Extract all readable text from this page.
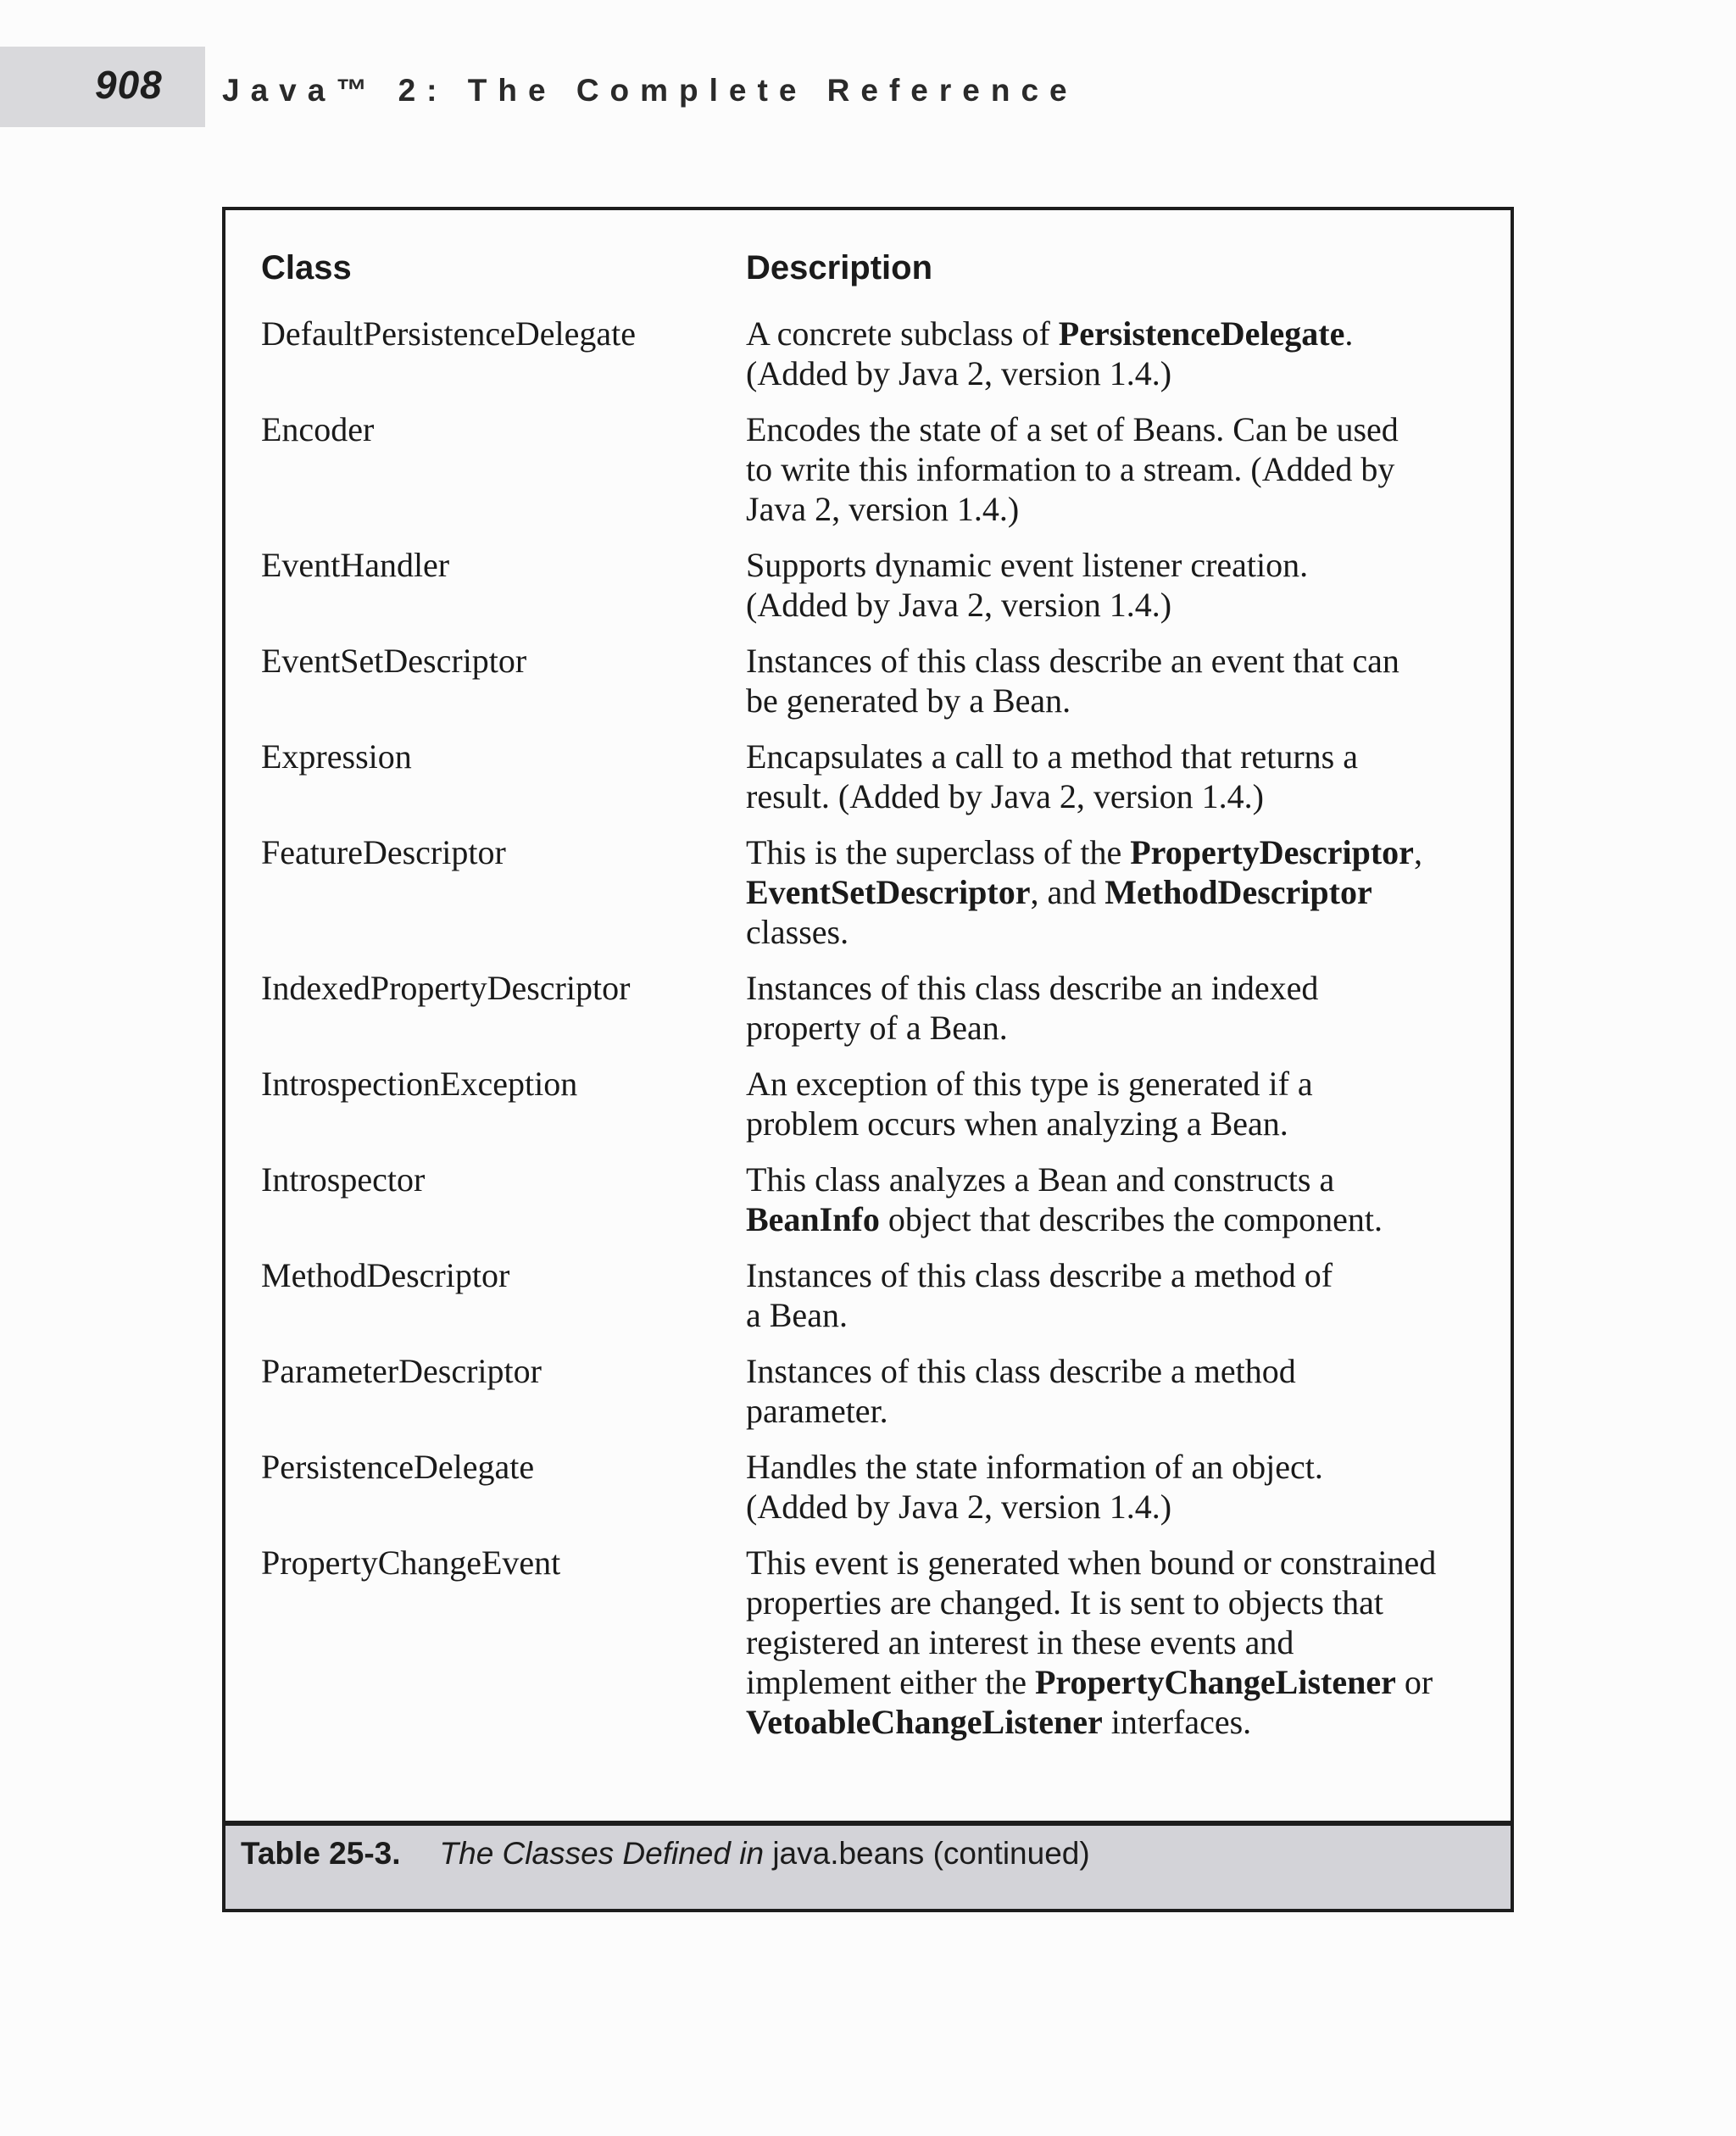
908 Java™ 2: The Complete Reference
Class	Description
DefaultPersistenceDelegate	A concrete subclass of PersistenceDelegate.
(Added by Java 2, version 1.4.)
Encoder	Encodes the state of a set of Beans. Can be used
to write this information to a stream. (Added by
Java 2, version 1.4.)
EventHandler	Supports dynamic event listener creation.
(Added by Java 2, version 1.4.)
EventSetDescriptor	Instances of this class describe an event that can
be generated by a Bean.
Expression	Encapsulates a call to a method that returns a
result. (Added by Java 2, version 1.4.)
FeatureDescriptor	This is the superclass of the PropertyDescriptor,
EventSetDescriptor, and MethodDescriptor
classes.
IndexedPropertyDescriptor	Instances of this class describe an indexed
property of a Bean.
IntrospectionException	An exception of this type is generated if a
problem occurs when analyzing a Bean.
Introspector	This class analyzes a Bean and constructs a
BeanInfo object that describes the component.
MethodDescriptor	Instances of this class describe a method of
a Bean.
ParameterDescriptor	Instances of this class describe a method
parameter.
PersistenceDelegate	Handles the state information of an object.
(Added by Java 2, version 1.4.)
PropertyChangeEvent	This event is generated when bound or constrained
properties are changed. It is sent to objects that
registered an interest in these events and
implement either the PropertyChangeListener or
VetoableChangeListener interfaces.
Table 25-3. The Classes Defined in java.beans (continued)
